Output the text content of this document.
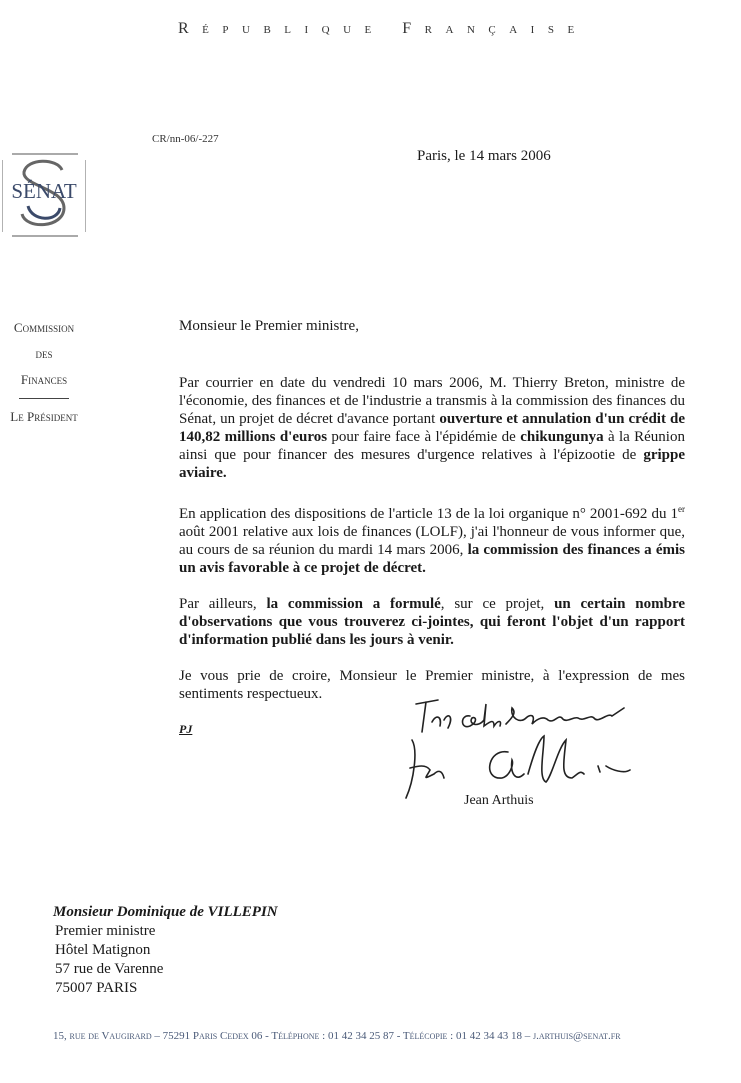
République Française
CR/nn-06/-227
Paris, le 14 mars 2006
SÉNAT
Commission
des
Finances
Le Président
Monsieur le Premier ministre,

Par courrier en date du vendredi 10 mars 2006, M. Thierry Breton, ministre de l'économie, des finances et de l'industrie a transmis à la commission des finances du Sénat, un projet de décret d'avance portant ouverture et annulation d'un crédit de 140,82 millions d'euros pour faire face à l'épidémie de chikungunya à la Réunion ainsi que pour financer des mesures d'urgence relatives à l'épizootie de grippe aviaire.

En application des dispositions de l'article 13 de la loi organique n° 2001-692 du 1er août 2001 relative aux lois de finances (LOLF), j'ai l'honneur de vous informer que, au cours de sa réunion du mardi 14 mars 2006, la commission des finances a émis un avis favorable à ce projet de décret.

Par ailleurs, la commission a formulé, sur ce projet, un certain nombre d'observations que vous trouverez ci-jointes, qui feront l'objet d'un rapport d'information publié dans les jours à venir.

Je vous prie de croire, Monsieur le Premier ministre, à l'expression de mes sentiments respectueux.

PJ
Jean Arthuis
Monsieur Dominique de VILLEPIN
Premier ministre
Hôtel Matignon
57 rue de Varenne
75007 PARIS
15, rue de Vaugirard – 75291 Paris Cedex 06 - Téléphone : 01 42 34 25 87 - Télécopie : 01 42 34 43 18 – j.arthuis@senat.fr
